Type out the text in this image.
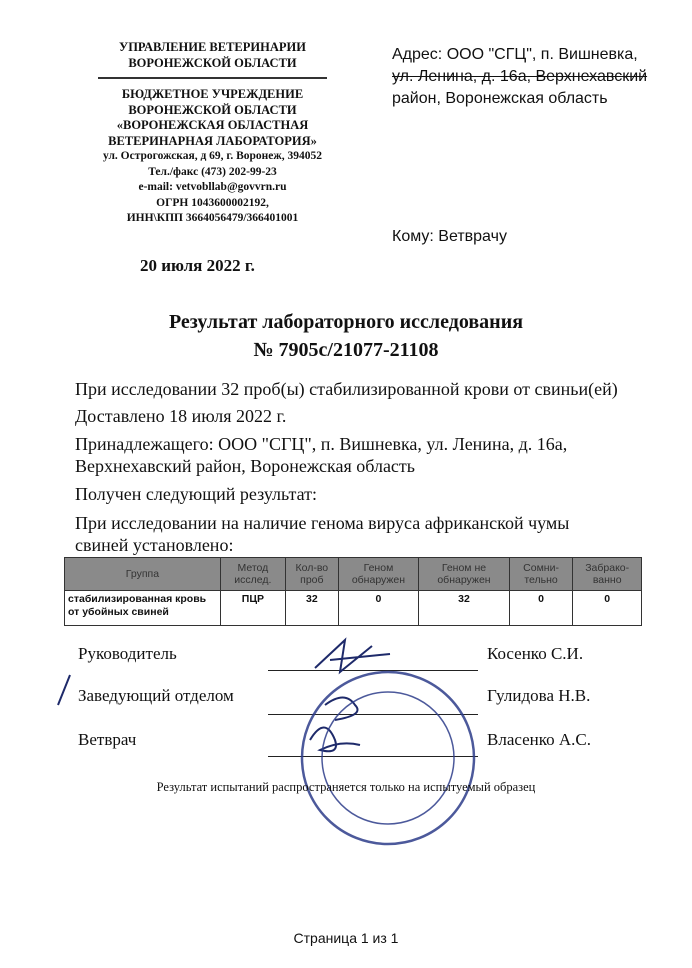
УПРАВЛЕНИЕ ВЕТЕРИНАРИИ
ВОРОНЕЖСКОЙ ОБЛАСТИ
БЮДЖЕТНОЕ УЧРЕЖДЕНИЕ
ВОРОНЕЖСКОЙ ОБЛАСТИ
«ВОРОНЕЖСКАЯ ОБЛАСТНАЯ
ВЕТЕРИНАРНАЯ ЛАБОРАТОРИЯ»
ул. Острогожская, д 69, г. Воронеж, 394052
Тел./факс (473) 202-99-23
e-mail: vetvobllab@govvrn.ru
ОГРН 1043600002192,
ИНН\КПП 3664056479/366401001
Адрес: ООО "СГЦ", п. Вишневка,
ул. Ленина, д. 16а, Верхнехавский
район, Воронежская область
Кому: Ветврачу
20 июля 2022 г.
Результат лабораторного исследования
№ 7905с/21077-21108
При исследовании 32 проб(ы) стабилизированной крови от свиньи(ей)
Доставлено 18 июля 2022 г.
Принадлежащего: ООО "СГЦ", п. Вишневка, ул. Ленина, д. 16а,
Верхнехавский район, Воронежская область
Получен следующий результат:
При исследовании на наличие генома вируса африканской чумы
свиней установлено:
Группа	Метод исслед.	Кол-во проб	Геном обнаружен	Геном не обнаружен	Сомни-тельно	Забрако-ванно
стабилизированная кровь от убойных свиней	ПЦР	32	0	32	0	0
Руководитель	Косенко С.И.
Заведующий отделом	Гулидова Н.В.
Ветврач	Власенко А.С.
Результат испытаний распространяется только на испытуемый образец
Страница 1 из 1
